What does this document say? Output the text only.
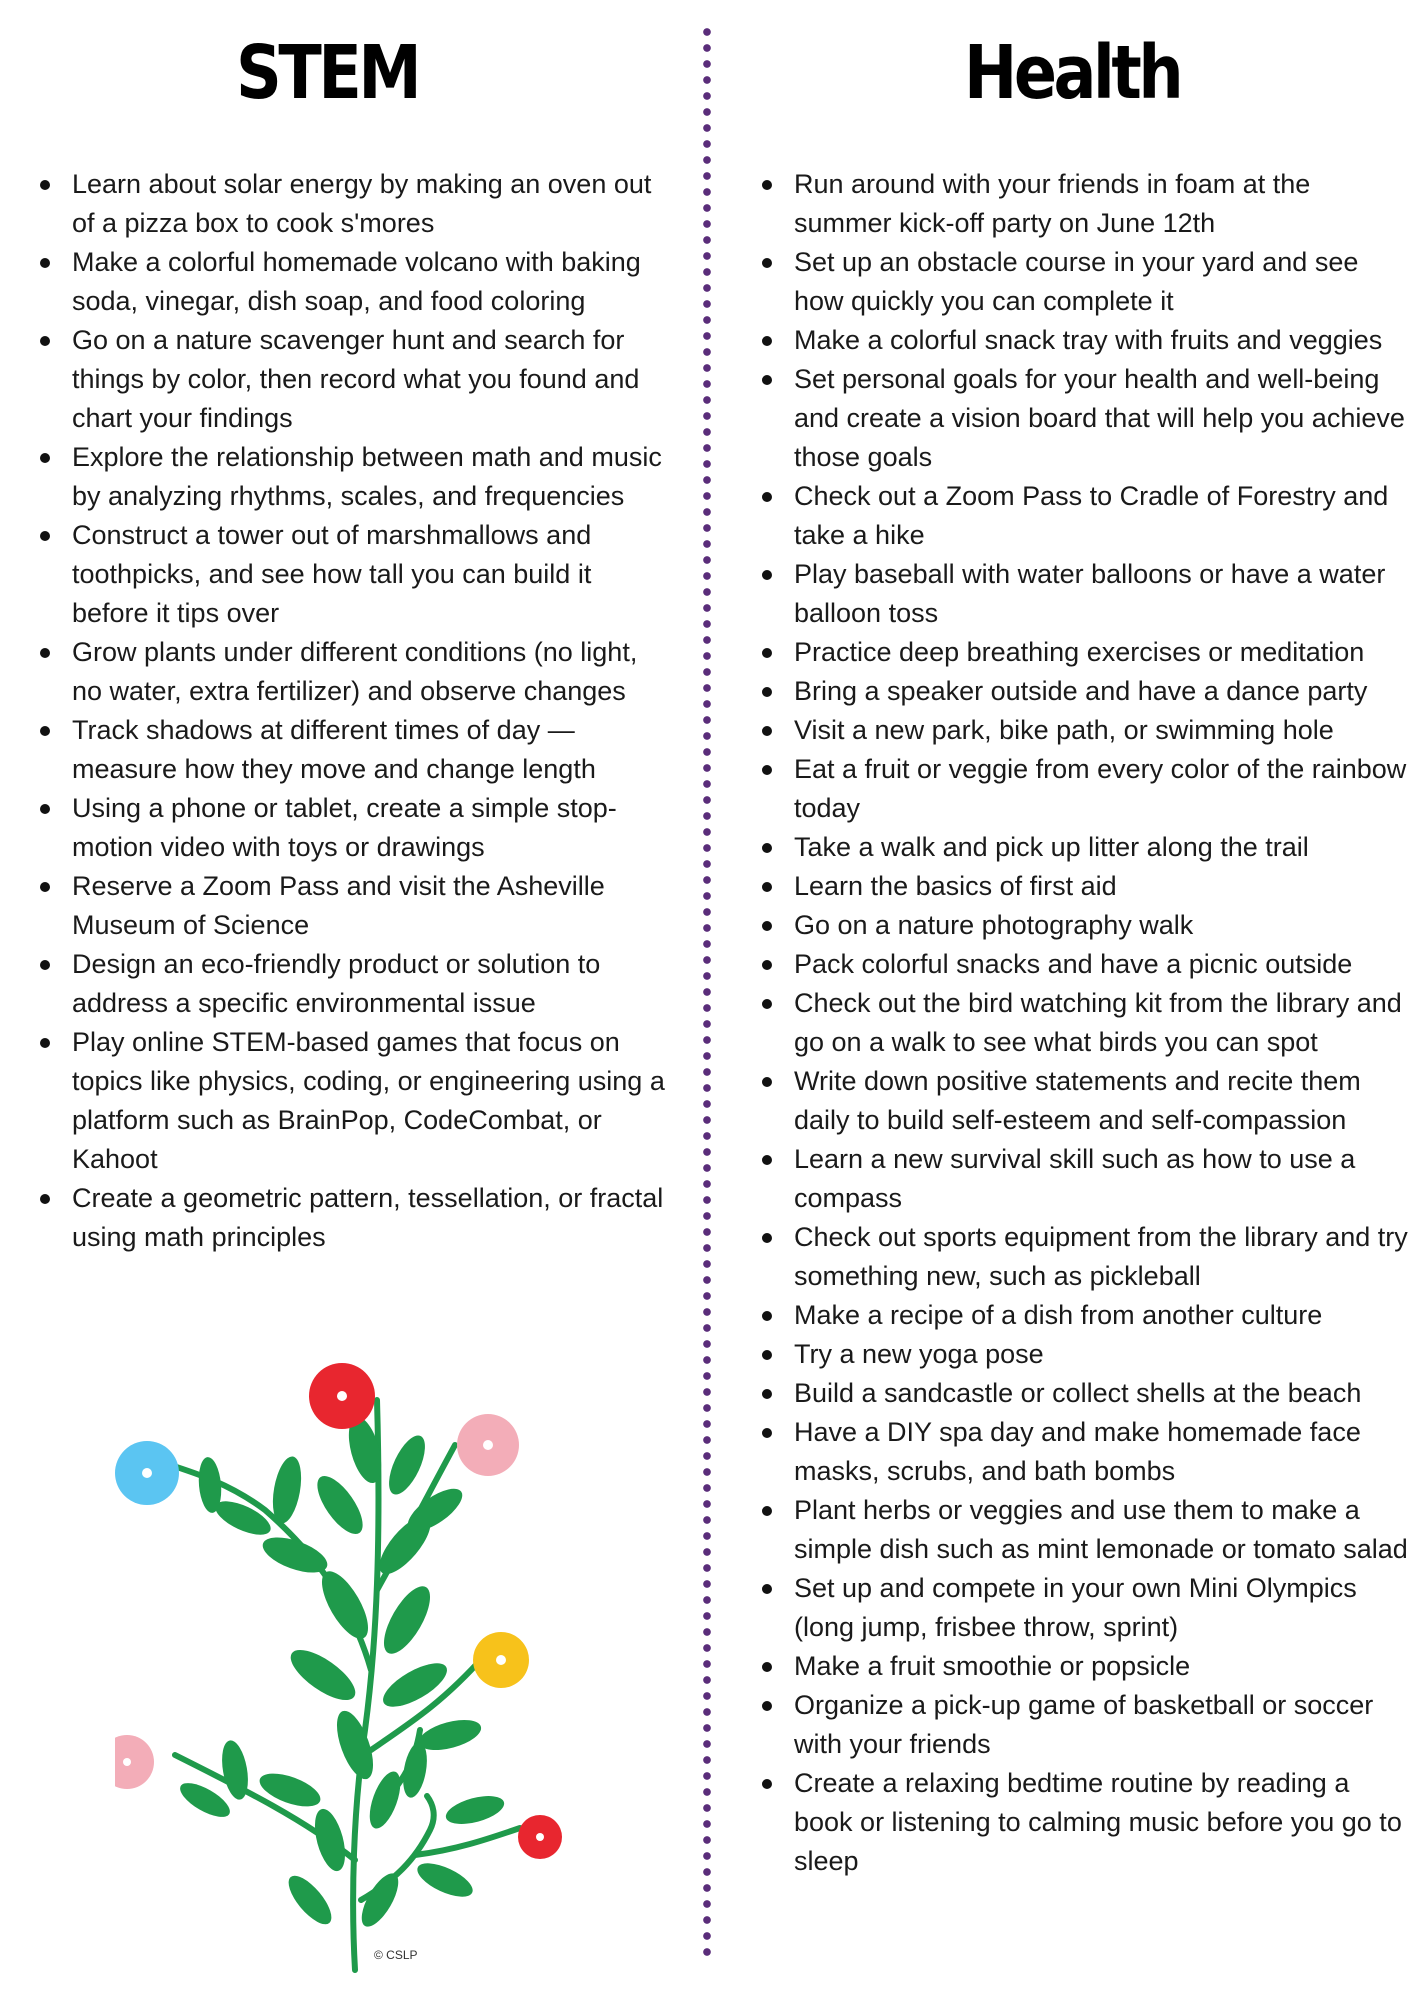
STEM
Learn about solar energy by making an oven out of a pizza box to cook s'mores
Make a colorful homemade volcano with baking soda, vinegar, dish soap, and food coloring
Go on a nature scavenger hunt and search for things by color, then record what you found and chart your findings
Explore the relationship between math and music by analyzing rhythms, scales, and frequencies
Construct a tower out of marshmallows and toothpicks, and see how tall you can build it before it tips over
Grow plants under different conditions (no light, no water, extra fertilizer) and observe changes
Track shadows at different times of day — measure how they move and change length
Using a phone or tablet, create a simple stop-motion video with toys or drawings
Reserve a Zoom Pass and visit the Asheville Museum of Science
Design an eco-friendly product or solution to address a specific environmental issue
Play online STEM-based games that focus on topics like physics, coding, or engineering using a platform such as BrainPop, CodeCombat, or Kahoot
Create a geometric pattern, tessellation, or fractal using math principles
Health
Run around with your friends in foam at the summer kick-off party on June 12th
Set up an obstacle course in your yard and see how quickly you can complete it
Make a colorful snack tray with fruits and veggies
Set personal goals for your health and well-being and create a vision board that will help you achieve those goals
Check out a Zoom Pass to Cradle of Forestry and take a hike
Play baseball with water balloons or have a water balloon toss
Practice deep breathing exercises or meditation
Bring a speaker outside and have a dance party
Visit a new park, bike path, or swimming hole
Eat a fruit or veggie from every color of the rainbow today
Take a walk and pick up litter along the trail
Learn the basics of first aid
Go on a nature photography walk
Pack colorful snacks and have a picnic outside
Check out the bird watching kit from the library and go on a walk to see what birds you can spot
Write down positive statements and recite them daily to build self-esteem and self-compassion
Learn a new survival skill such as how to use a compass
Check out sports equipment from the library and try something new, such as pickleball
Make a recipe of a dish from another culture
Try a new yoga pose
Build a sandcastle or collect shells at the beach
Have a DIY spa day and make homemade face masks, scrubs, and bath bombs
Plant herbs or veggies and use them to make a simple dish such as mint lemonade or tomato salad
Set up and compete in your own Mini Olympics (long jump, frisbee throw, sprint)
Make a fruit smoothie or popsicle
Organize a pick-up game of basketball or soccer with your friends
Create a relaxing bedtime routine by reading a book or listening to calming music before you go to sleep
© CSLP
